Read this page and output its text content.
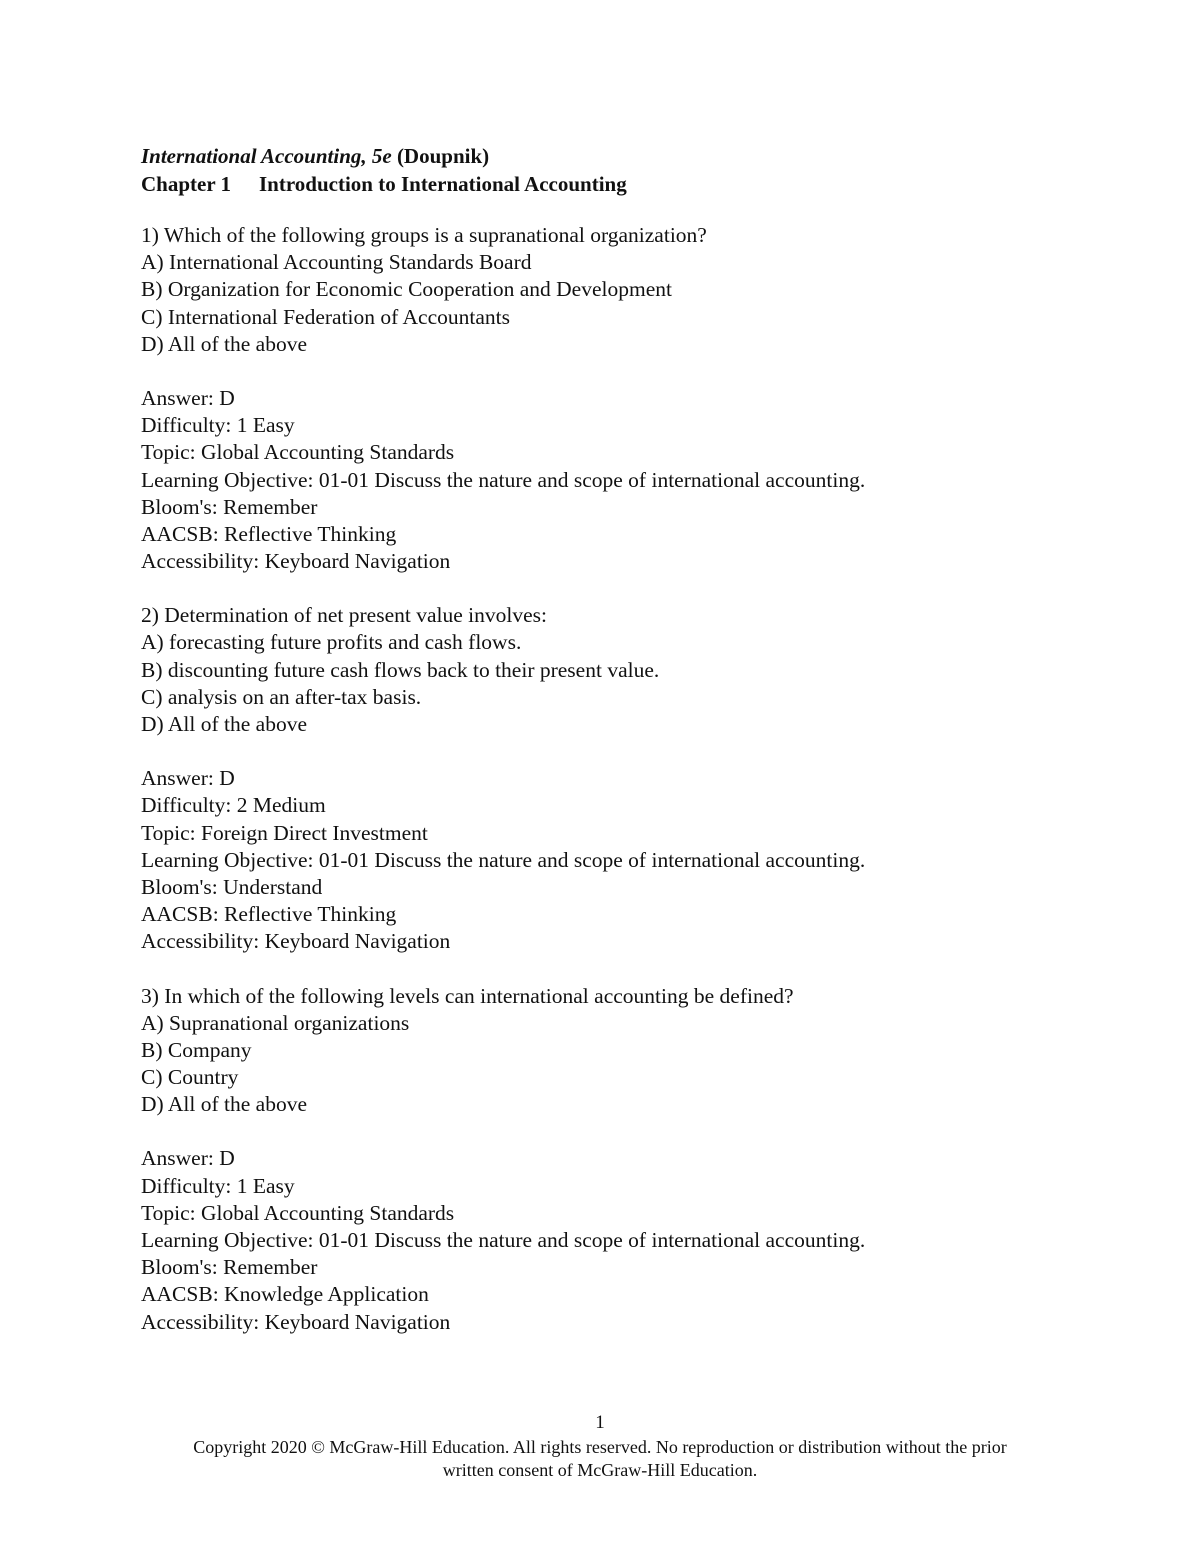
International Accounting, 5e (Doupnik)
Chapter 1 Introduction to International Accounting
1) Which of the following groups is a supranational organization?
A) International Accounting Standards Board
B) Organization for Economic Cooperation and Development
C) International Federation of Accountants
D) All of the above
Answer: D
Difficulty: 1 Easy
Topic: Global Accounting Standards
Learning Objective: 01-01 Discuss the nature and scope of international accounting.
Bloom's: Remember
AACSB: Reflective Thinking
Accessibility: Keyboard Navigation
2) Determination of net present value involves:
A) forecasting future profits and cash flows.
B) discounting future cash flows back to their present value.
C) analysis on an after-tax basis.
D) All of the above
Answer: D
Difficulty: 2 Medium
Topic: Foreign Direct Investment
Learning Objective: 01-01 Discuss the nature and scope of international accounting.
Bloom's: Understand
AACSB: Reflective Thinking
Accessibility: Keyboard Navigation
3) In which of the following levels can international accounting be defined?
A) Supranational organizations
B) Company
C) Country
D) All of the above
Answer: D
Difficulty: 1 Easy
Topic: Global Accounting Standards
Learning Objective: 01-01 Discuss the nature and scope of international accounting.
Bloom's: Remember
AACSB: Knowledge Application
Accessibility: Keyboard Navigation
1
Copyright 2020 © McGraw-Hill Education. All rights reserved. No reproduction or distribution without the prior
written consent of McGraw-Hill Education.
